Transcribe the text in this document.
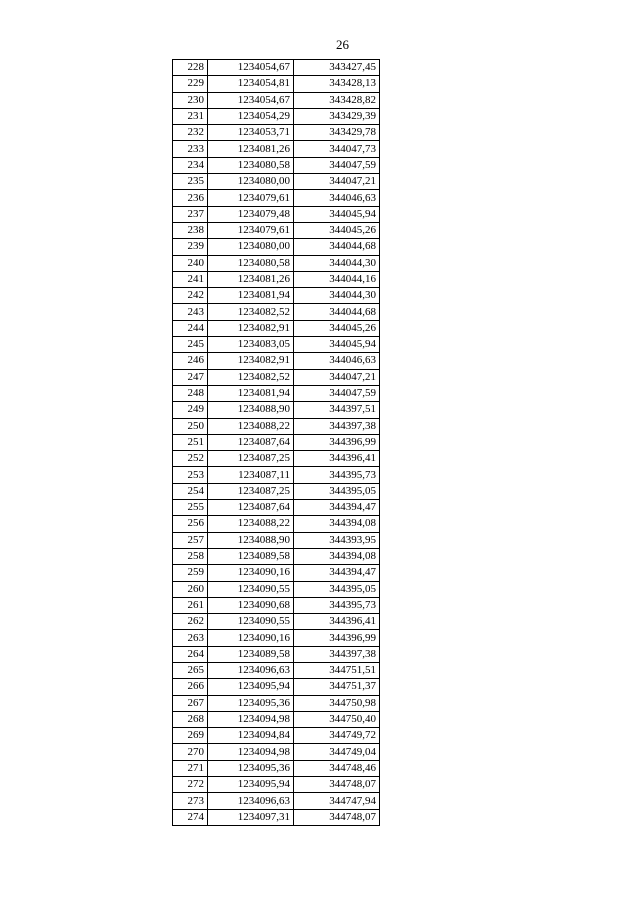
26
228	1234054,67	343427,45
229	1234054,81	343428,13
230	1234054,67	343428,82
231	1234054,29	343429,39
232	1234053,71	343429,78
233	1234081,26	344047,73
234	1234080,58	344047,59
235	1234080,00	344047,21
236	1234079,61	344046,63
237	1234079,48	344045,94
238	1234079,61	344045,26
239	1234080,00	344044,68
240	1234080,58	344044,30
241	1234081,26	344044,16
242	1234081,94	344044,30
243	1234082,52	344044,68
244	1234082,91	344045,26
245	1234083,05	344045,94
246	1234082,91	344046,63
247	1234082,52	344047,21
248	1234081,94	344047,59
249	1234088,90	344397,51
250	1234088,22	344397,38
251	1234087,64	344396,99
252	1234087,25	344396,41
253	1234087,11	344395,73
254	1234087,25	344395,05
255	1234087,64	344394,47
256	1234088,22	344394,08
257	1234088,90	344393,95
258	1234089,58	344394,08
259	1234090,16	344394,47
260	1234090,55	344395,05
261	1234090,68	344395,73
262	1234090,55	344396,41
263	1234090,16	344396,99
264	1234089,58	344397,38
265	1234096,63	344751,51
266	1234095,94	344751,37
267	1234095,36	344750,98
268	1234094,98	344750,40
269	1234094,84	344749,72
270	1234094,98	344749,04
271	1234095,36	344748,46
272	1234095,94	344748,07
273	1234096,63	344747,94
274	1234097,31	344748,07
